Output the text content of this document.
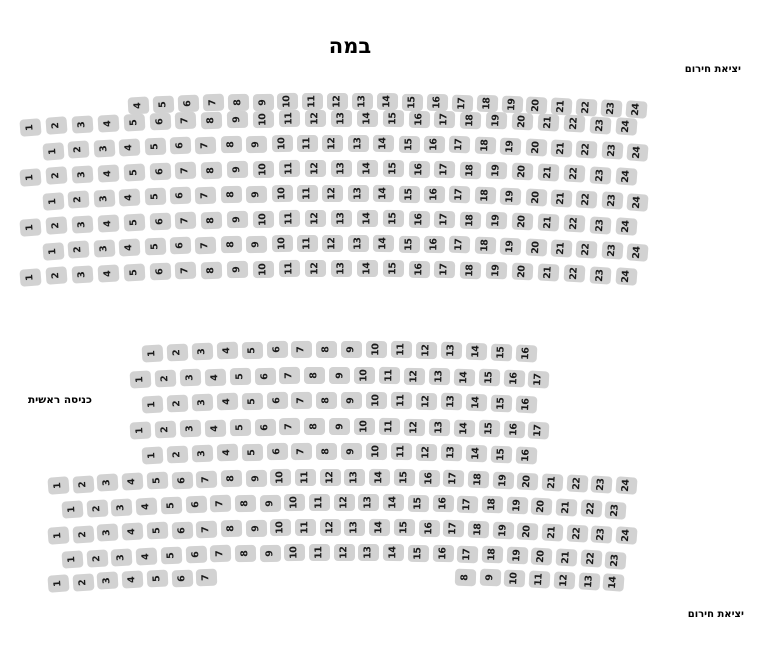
במה
יציאת חירום
כניסה ראשית
4 5 6 7 8 9 10 11 12 13 14 15 16 17 18 19 20 21 22 23 24
1 2 3 4 5 6 7 8 9 10 11 12 13 14 15 16 17 18 19 20 21 22 23 24
1 2 3 4 5 6 7 8 9 10 11 12 13 14 15 16 17 18 19 20 21 22 23 24
1 2 3 4 5 6 7 8 9 10 11 12 13 14 15 16 17 18 19 20 21 22 23 24
1 2 3 4 5 6 7 8 9 10 11 12 13 14 15 16 17 18 19 20 21 22 23 24
1 2 3 4 5 6 7 8 9 10 11 12 13 14 15 16 17 18 19 20 21 22 23 24
1 2 3 4 5 6 7 8 9 10 11 12 13 14 15 16 17 18 19 20 21 22 23 24
1 2 3 4 5 6 7 8 9 10 11 12 13 14 15 16 17 18 19 20 21 22 23 24
1 2 3 4 5 6 7 8 9 10 11 12 13 14 15 16
1 2 3 4 5 6 7 8 9 10 11 12 13 14 15 16 17
1 2 3 4 5 6 7 8 9 10 11 12 13 14 15 16
1 2 3 4 5 6 7 8 9 10 11 12 13 14 15 16 17
1 2 3 4 5 6 7 8 9 10 11 12 13 14 15 16
1 2 3 4 5 6 7 8 9 10 11 12 13 14 15 16 17 18 19 20 21 22 23 24
1 2 3 4 5 6 7 8 9 10 11 12 13 14 15 16 17 18 19 20 21 22 23
1 2 3 4 5 6 7 8 9 10 11 12 13 14 15 16 17 18 19 20 21 22 23 24
1 2 3 4 5 6 7 8 9 10 11 12 13 14 15 16 17 18 19 20 21 22 23
1 2 3 4 5 6 7	8 9 10 11 12 13 14
יציאת חירום
